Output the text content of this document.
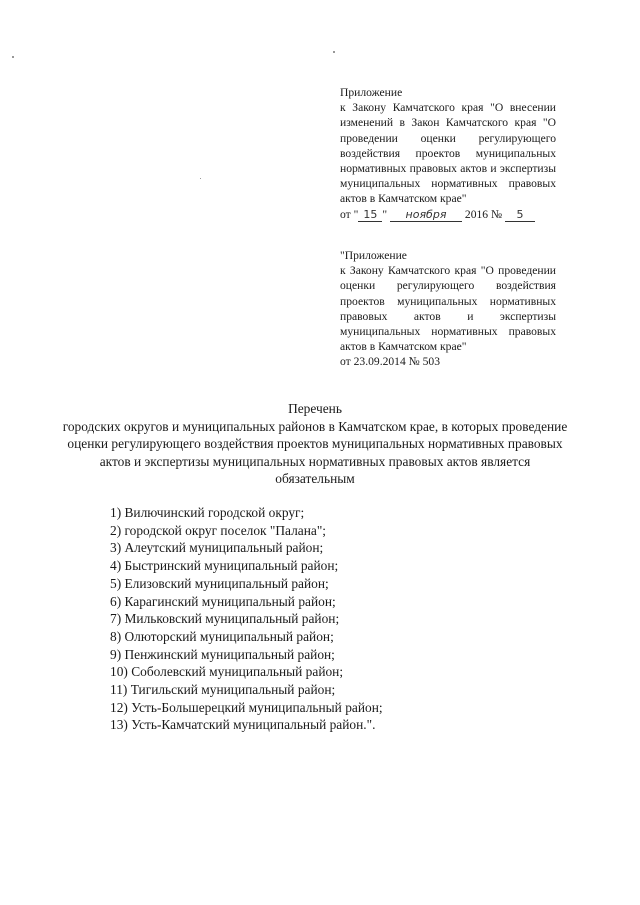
Приложение
к Закону Камчатского края "О внесении изменений в Закон Камчатского края "О проведении оценки регулирующего воздействия проектов муниципальных нормативных правовых актов и экспертизы муниципальных нормативных правовых актов в Камчатском крае"
от " 15 " ноября 2016 № 5
"Приложение
к Закону Камчатского края "О проведении оценки регулирующего воздействия проектов муниципальных нормативных правовых актов и экспертизы муниципальных нормативных правовых актов в Камчатском крае"
от 23.09.2014 № 503
Перечень
городских округов и муниципальных районов в Камчатском крае, в которых проведение оценки регулирующего воздействия проектов муниципальных нормативных правовых актов и экспертизы муниципальных нормативных правовых актов является обязательным
1) Вилючинский городской округ;
2) городской округ поселок "Палана";
3) Алеутский муниципальный район;
4) Быстринский муниципальный район;
5) Елизовский муниципальный район;
6) Карагинский муниципальный район;
7) Мильковский муниципальный район;
8) Олюторский муниципальный район;
9) Пенжинский муниципальный район;
10) Соболевский муниципальный район;
11) Тигильский муниципальный район;
12) Усть-Большерецкий муниципальный район;
13) Усть-Камчатский муниципальный район.".
